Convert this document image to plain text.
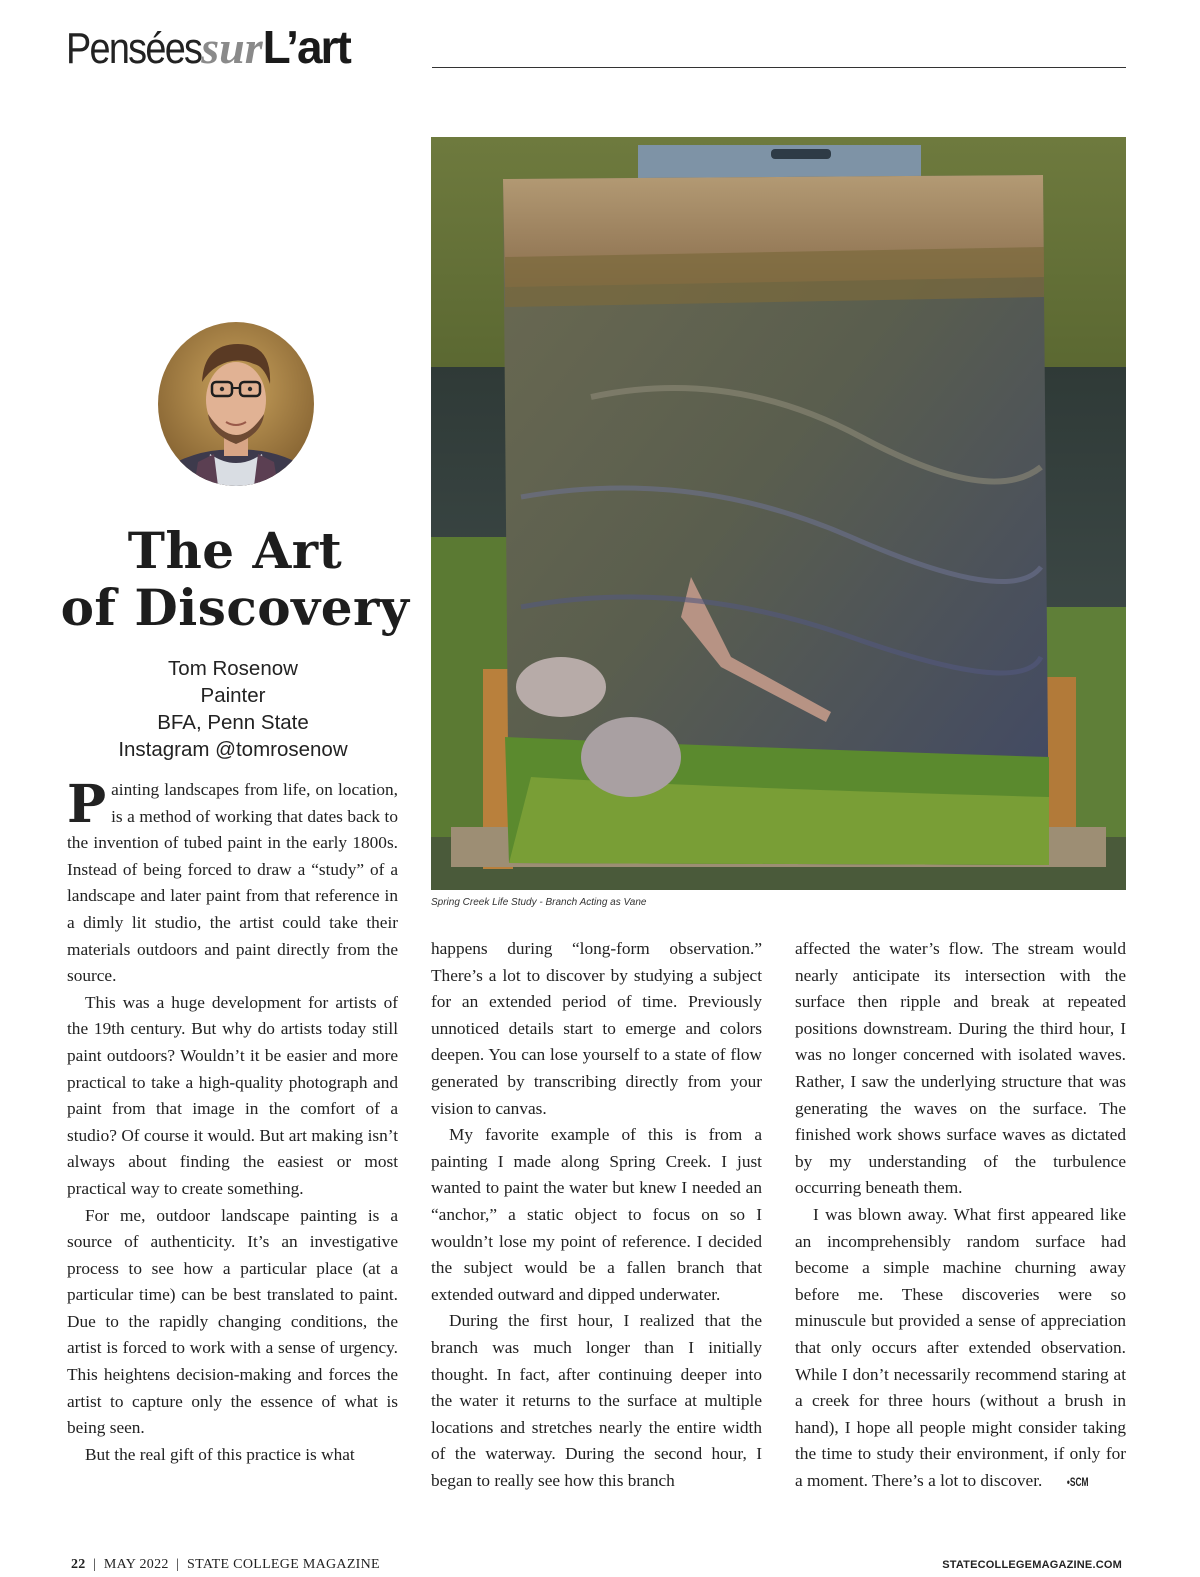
PenséessurL’art
The Art
of Discovery
Tom Rosenow
Painter
BFA, Penn State
Instagram @tomrosenow

Painting landscapes from life, on location, is a method of working that dates back to the invention of tubed paint in the early 1800s. Instead of being forced to draw a “study” of a landscape and later paint from that reference in a dimly lit studio, the artist could take their materials outdoors and paint directly from the source.

This was a huge development for artists of the 19th century. But why do artists today still paint outdoors? Wouldn’t it be easier and more practical to take a high-quality photograph and paint from that image in the comfort of a studio? Of course it would. But art making isn’t always about finding the easiest or most practical way to create something.

For me, outdoor landscape painting is a source of authenticity. It’s an investigative process to see how a particular place (at a particular time) can be best translated to paint. Due to the rapidly changing conditions, the artist is forced to work with a sense of urgency. This heightens decision-making and forces the artist to capture only the essence of what is being seen.

But the real gift of this practice is what

Spring Creek Life Study - Branch Acting as Vane

happens during “long-form observation.” There’s a lot to discover by studying a subject for an extended period of time. Previously unnoticed details start to emerge and colors deepen. You can lose yourself to a state of flow generated by transcribing directly from your vision to canvas.

My favorite example of this is from a painting I made along Spring Creek. I just wanted to paint the water but knew I needed an “anchor,” a static object to focus on so I wouldn’t lose my point of reference. I decided the subject would be a fallen branch that extended outward and dipped underwater.

During the first hour, I realized that the branch was much longer than I initially thought. In fact, after continuing deeper into the water it returns to the surface at multiple locations and stretches nearly the entire width of the waterway. During the second hour, I began to really see how this branch

affected the water’s flow. The stream would nearly anticipate its intersection with the surface then ripple and break at repeated positions downstream. During the third hour, I was no longer concerned with isolated waves. Rather, I saw the underlying structure that was generating the waves on the surface. The finished work shows surface waves as dictated by my understanding of the turbulence occurring beneath them.

I was blown away. What first appeared like an incomprehensibly random surface had become a simple machine churning away before me. These discoveries were so minuscule but provided a sense of appreciation that only occurs after extended observation. While I don’t necessarily recommend staring at a creek for three hours (without a brush in hand), I hope all people might consider taking the time to study their environment, if only for a moment. There’s a lot to discover. •SCM

22  |  MAY 2022  |  STATE COLLEGE MAGAZINE	STATECOLLEGEMAGAZINE.COM
